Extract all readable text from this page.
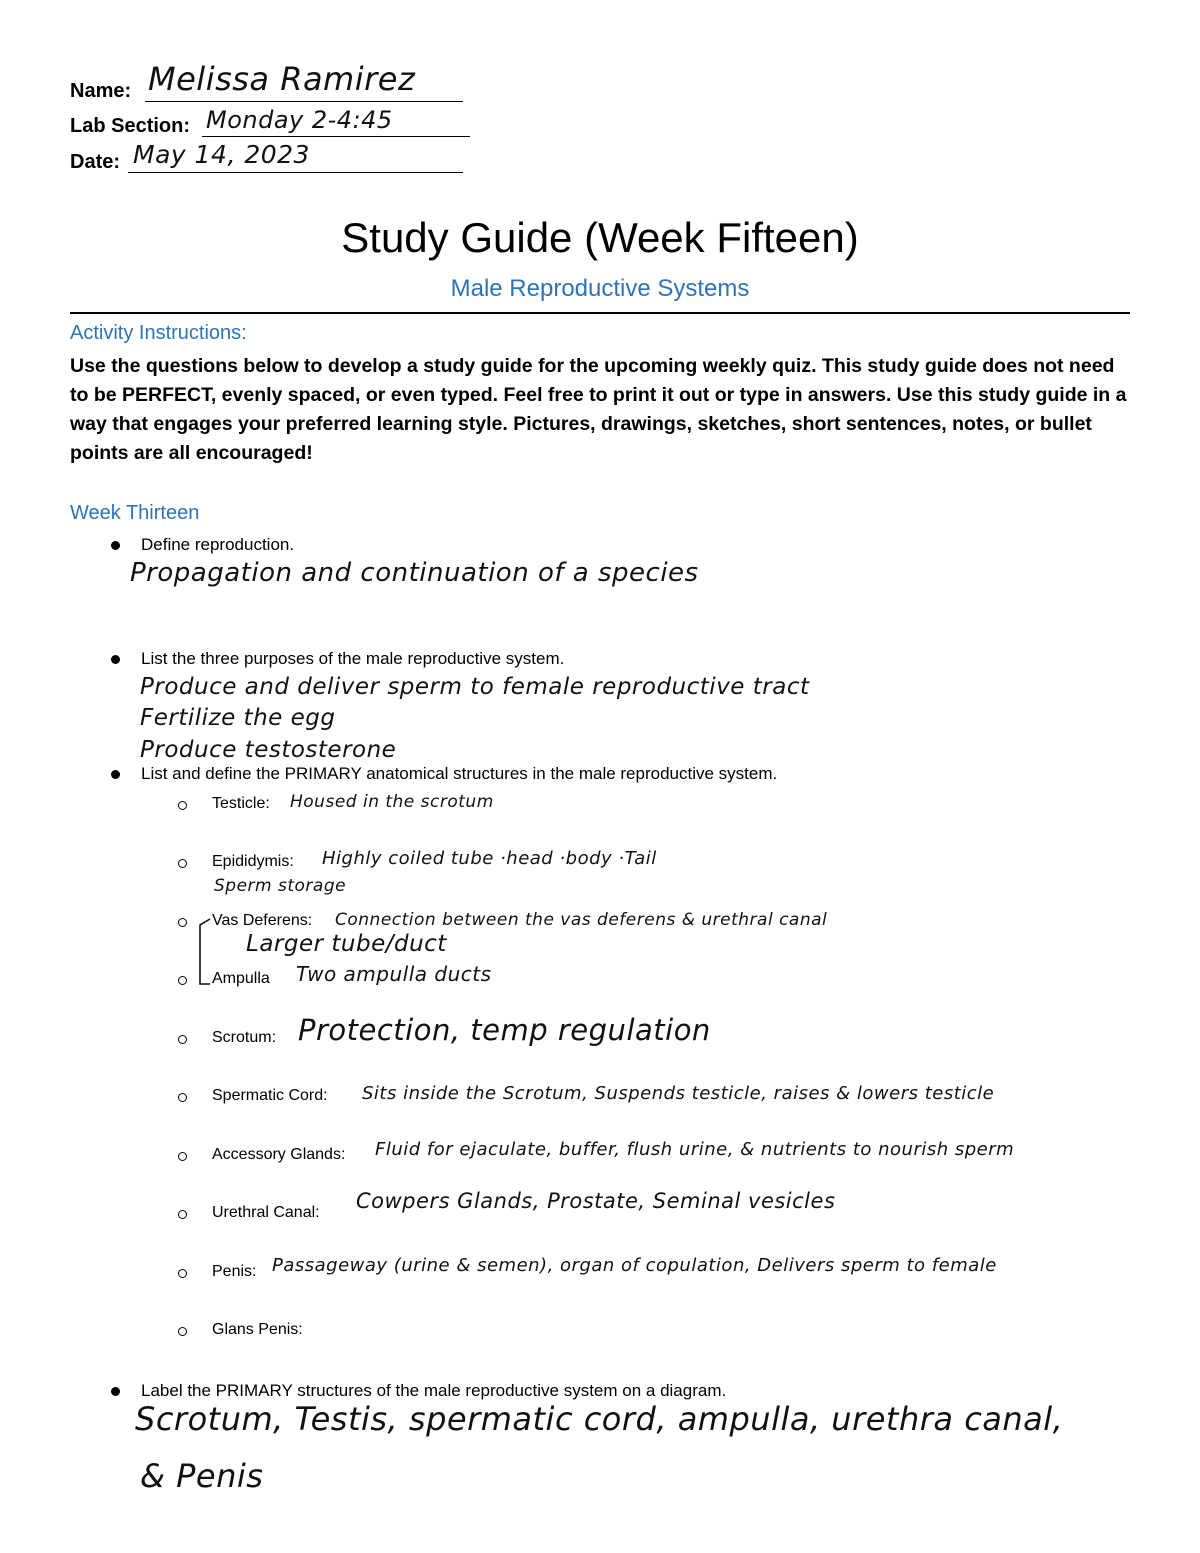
Name: Melissa Ramirez
Lab Section: Monday 2-4:45
Date: May 14, 2023
Study Guide (Week Fifteen)
Male Reproductive Systems
Activity Instructions:
Use the questions below to develop a study guide for the upcoming weekly quiz. This study guide does not need to be PERFECT, evenly spaced, or even typed. Feel free to print it out or type in answers. Use this study guide in a way that engages your preferred learning style. Pictures, drawings, sketches, short sentences, notes, or bullet points are all encouraged!
Week Thirteen
Define reproduction.
Propagation and continuation of a species
List the three purposes of the male reproductive system.
Produce and deliver sperm to female reproductive tract
Fertilize the egg
Produce testosterone
List and define the PRIMARY anatomical structures in the male reproductive system.
Testicle: Housed in the scrotum
Epididymis: Highly coiled tube ·head ·body ·Tail
Sperm storage
Vas Deferens: Connection between the vas deferens & urethral canal
Larger tube/duct
Ampulla Two ampulla ducts
Scrotum: Protection, temp regulation
Spermatic Cord: Sits inside the Scrotum, Suspends testicle, raises & lowers testicle
Accessory Glands: Fluid for ejaculate, buffer, flush urine, & nutrients to nourish sperm
Urethral Canal: Cowpers Glands, Prostate, Seminal vesicles
Penis: Passageway (urine & semen), organ of copulation, Delivers sperm to female
Glans Penis:
Label the PRIMARY structures of the male reproductive system on a diagram.
Scrotum, Testis, spermatic cord, ampulla, urethra canal,
& Penis
